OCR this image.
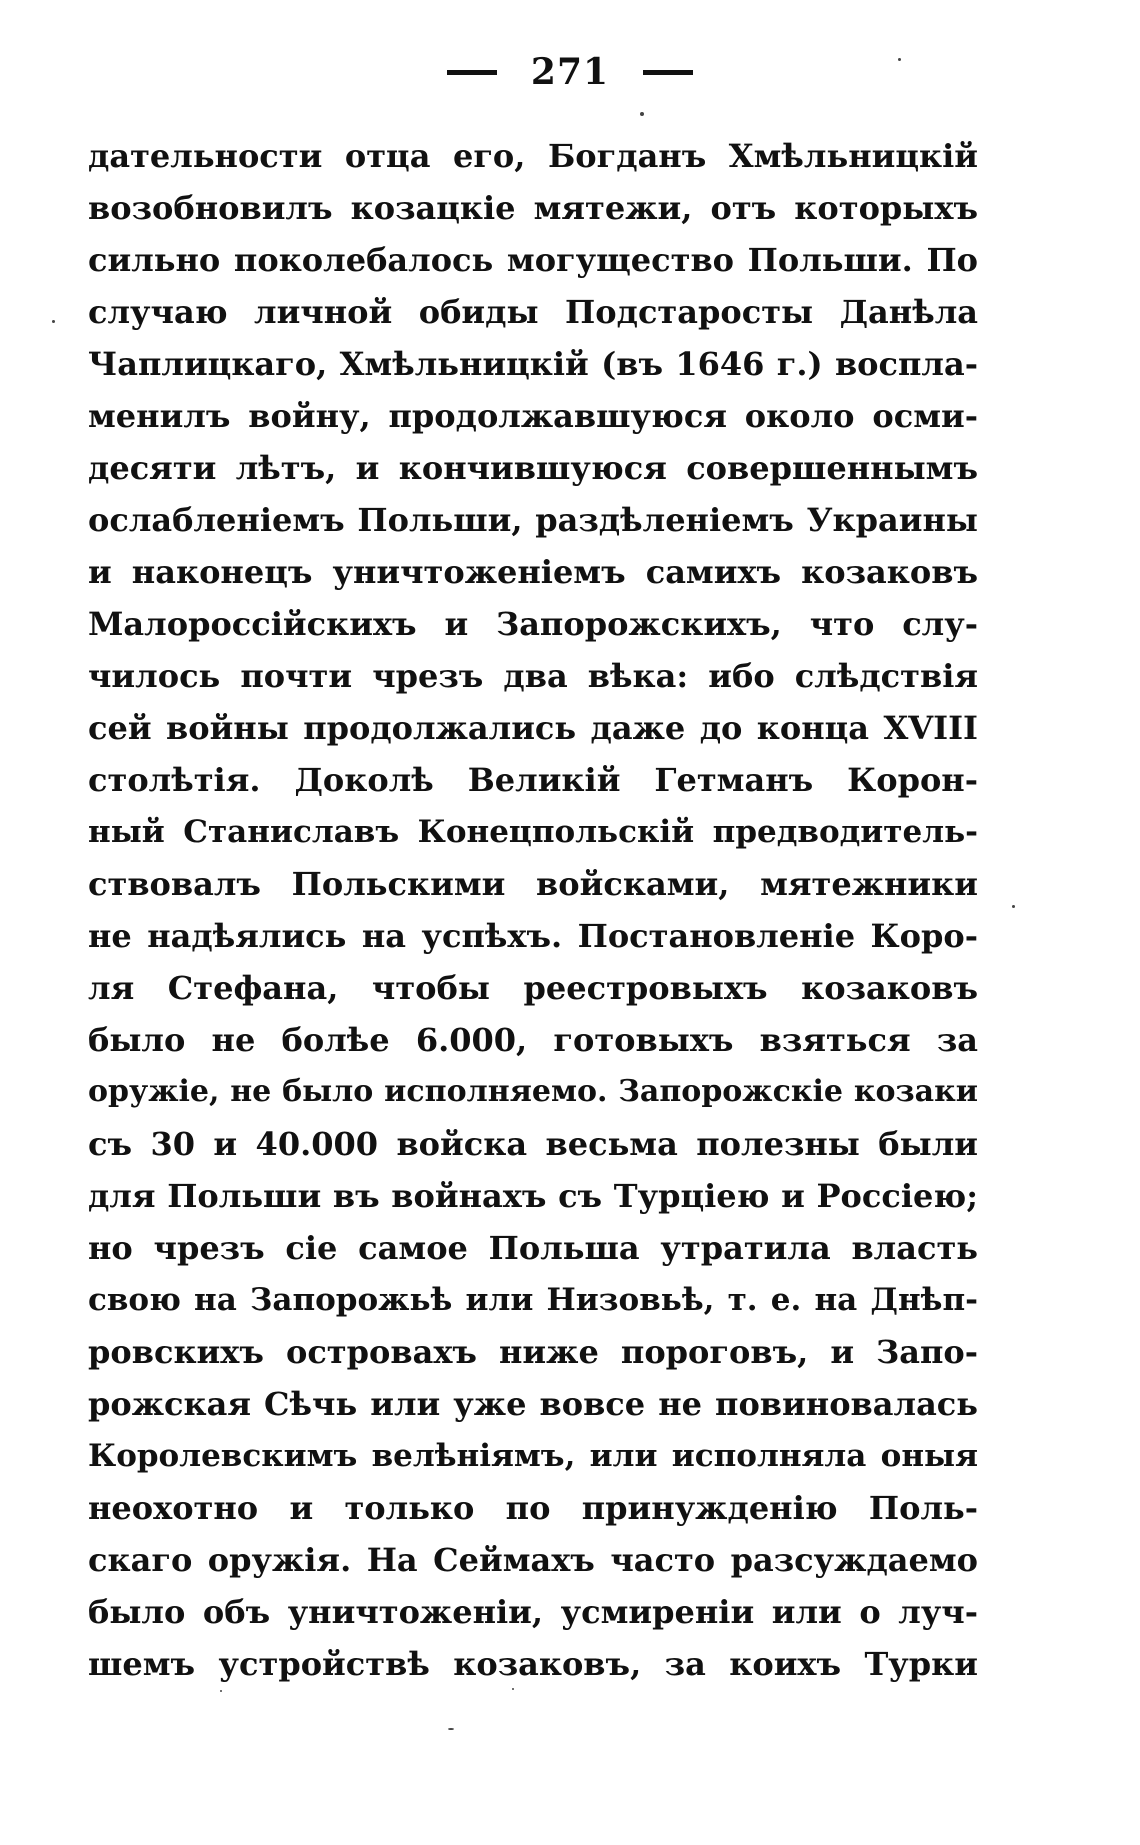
271
дательности отца его, Богданъ Хмѣльницкій
возобновилъ козацкіе мятежи, отъ которыхъ
сильно поколебалось могущество Польши. По
случаю личной обиды Подстаросты Данѣла
Чаплицкаго, Хмѣльницкій (въ 1646 г.) воспла-
менилъ войну, продолжавшуюся около осми-
десяти лѣтъ, и кончившуюся совершеннымъ
ослабленіемъ Польши, раздѣленіемъ Украины
и наконецъ уничтоженіемъ самихъ козаковъ
Малороссійскихъ и Запорожскихъ, что слу-
чилось почти чрезъ два вѣка: ибо слѣдствія
сей войны продолжались даже до конца XVIII
столѣтія. Доколѣ Великій Гетманъ Корон-
ный Станиславъ Конецпольскій предводитель-
ствовалъ Польскими войсками, мятежники
не надѣялись на успѣхъ. Постановленіе Коро-
ля Стефана, чтобы реестровыхъ козаковъ
было не болѣе 6.000, готовыхъ взяться за
оружіе, не было исполняемо. Запорожскіе козаки
съ 30 и 40.000 войска весьма полезны были
для Польши въ войнахъ съ Турціею и Россіею;
но чрезъ сіе самое Польша утратила власть
свою на Запорожьѣ или Низовьѣ, т. е. на Днѣп-
ровскихъ островахъ ниже пороговъ, и Запо-
рожская Сѣчь или уже вовсе не повиновалась
Королевскимъ велѣніямъ, или исполняла оныя
неохотно и только по принужденію Поль-
скаго оружія. На Сеймахъ часто разсуждаемо
было объ уничтоженіи, усмиреніи или о луч-
шемъ устройствѣ козаковъ, за коихъ Турки
